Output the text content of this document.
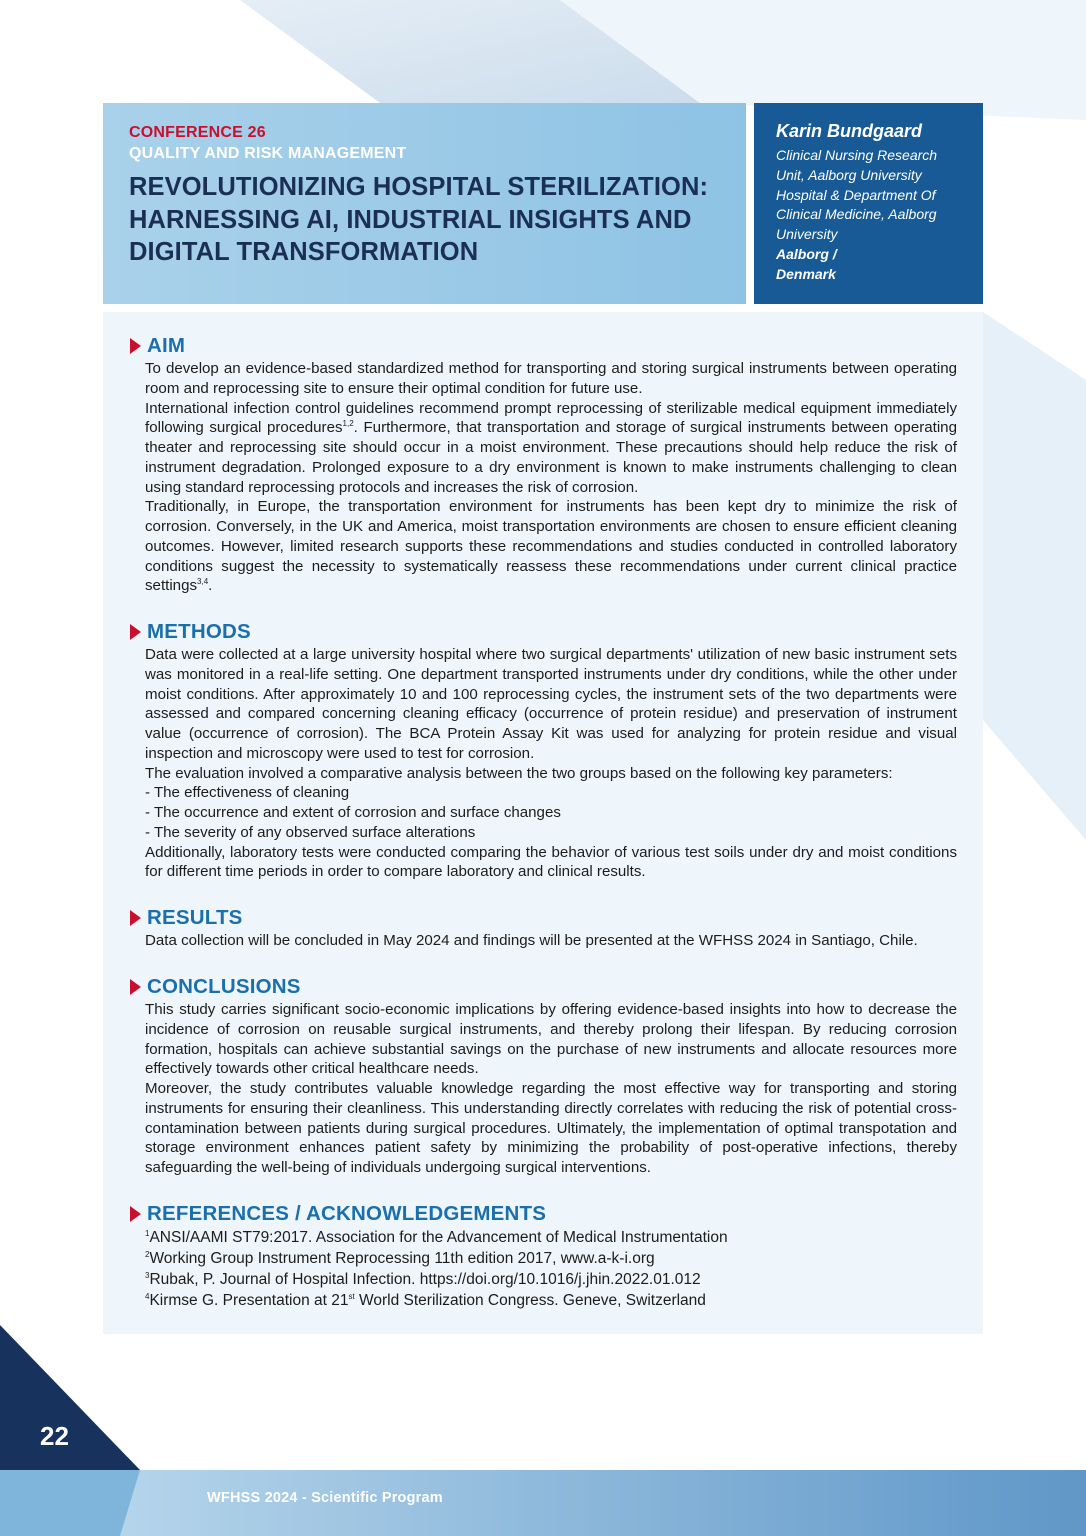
CONFERENCE 26
QUALITY AND RISK MANAGEMENT
REVOLUTIONIZING HOSPITAL STERILIZATION: HARNESSING AI, INDUSTRIAL INSIGHTS AND DIGITAL TRANSFORMATION
Karin Bundgaard
Clinical Nursing Research
Unit, Aalborg University
Hospital & Department Of
Clinical Medicine, Aalborg
University
Aalborg /
Denmark
AIM

To develop an evidence-based standardized method for transporting and storing surgical instruments between operating room and reprocessing site to ensure their optimal condition for future use.

International infection control guidelines recommend prompt reprocessing of sterilizable medical equipment immediately following surgical procedures$^{1,2}$. Furthermore, that transportation and storage of surgical instruments between operating theater and reprocessing site should occur in a moist environment. These precautions should help reduce the risk of instrument degradation. Prolonged exposure to a dry environment is known to make instruments challenging to clean using standard reprocessing protocols and increases the risk of corrosion.

Traditionally, in Europe, the transportation environment for instruments has been kept dry to minimize the risk of corrosion. Conversely, in the UK and America, moist transportation environments are chosen to ensure efficient cleaning outcomes. However, limited research supports these recommendations and studies conducted in controlled laboratory conditions suggest the necessity to systematically reassess these recommendations under current clinical practice settings$^{3,4}$.

METHODS

Data were collected at a large university hospital where two surgical departments' utilization of new basic instrument sets was monitored in a real-life setting. One department transported instruments under dry conditions, while the other under moist conditions. After approximately 10 and 100 reprocessing cycles, the instrument sets of the two departments were assessed and compared concerning cleaning efficacy (occurrence of protein residue) and preservation of instrument value (occurrence of corrosion). The BCA Protein Assay Kit was used for analyzing for protein residue and visual inspection and microscopy were used to test for corrosion.

The evaluation involved a comparative analysis between the two groups based on the following key parameters:

- The effectiveness of cleaning

- The occurrence and extent of corrosion and surface changes

- The severity of any observed surface alterations

Additionally, laboratory tests were conducted comparing the behavior of various test soils under dry and moist conditions for different time periods in order to compare laboratory and clinical results.

RESULTS

Data collection will be concluded in May 2024 and findings will be presented at the WFHSS 2024 in Santiago, Chile.

CONCLUSIONS

This study carries significant socio-economic implications by offering evidence-based insights into how to decrease the incidence of corrosion on reusable surgical instruments, and thereby prolong their lifespan. By reducing corrosion formation, hospitals can achieve substantial savings on the purchase of new instruments and allocate resources more effectively towards other critical healthcare needs.

Moreover, the study contributes valuable knowledge regarding the most effective way for transporting and storing instruments for ensuring their cleanliness. This understanding directly correlates with reducing the risk of potential cross-contamination between patients during surgical procedures. Ultimately, the implementation of optimal transpotation and storage environment enhances patient safety by minimizing the probability of post-operative infections, thereby safeguarding the well-being of individuals undergoing surgical interventions.

REFERENCES / ACKNOWLEDGEMENTS
$^1$ANSI/AAMI ST79:2017. Association for the Advancement of Medical Instrumentation
$^2$Working Group Instrument Reprocessing 11th edition 2017, www.a-k-i.org
$^3$Rubak, P. Journal of Hospital Infection. https://doi.org/10.1016/j.jhin.2022.01.012
$^4$Kirmse G. Presentation at 21st World Sterilization Congress. Geneve, Switzerland
22
WFHSS 2024 - Scientific Program
